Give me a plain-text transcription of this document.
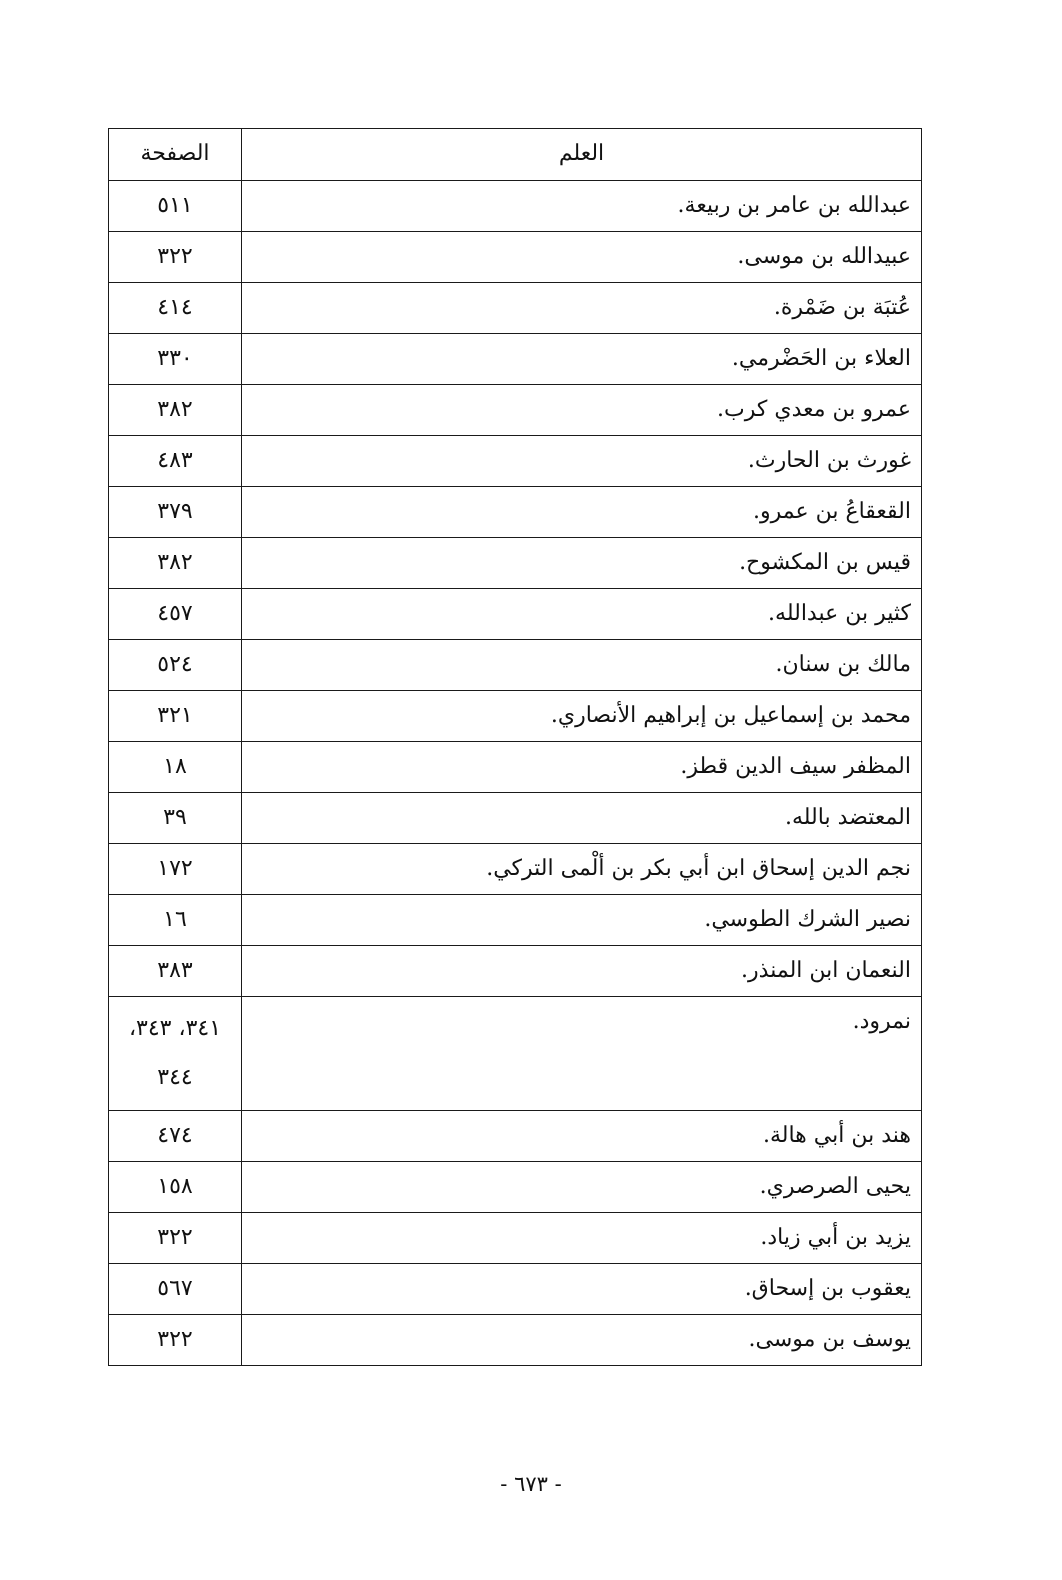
العلم	الصفحة
عبدالله بن عامر بن ربيعة.	٥١١
عبيدالله بن موسى.	٣٢٢
عُتبَة بن ضَمْرة.	٤١٤
العلاء بن الحَضْرمي.	٣٣٠
عمرو بن معدي كرب.	٣٨٢
غورث بن الحارث.	٤٨٣
القعقاعُ بن عمرو.	٣٧٩
قيس بن المكشوح.	٣٨٢
كثير بن عبدالله.	٤٥٧
مالك بن سنان.	٥٢٤
محمد بن إسماعيل بن إبراهيم الأنصاري.	٣٢١
المظفر سيف الدين قطز.	١٨
المعتضد بالله.	٣٩
نجم الدين إسحاق ابن أبي بكر بن ألْمى التركي.	١٧٢
نصير الشرك الطوسي.	١٦
النعمان ابن المنذر.	٣٨٣
نمرود.	٣٤١، ٣٤٣، ٣٤٤
هند بن أبي هالة.	٤٧٤
يحيى الصرصري.	١٥٨
يزيد بن أبي زياد.	٣٢٢
يعقوب بن إسحاق.	٥٦٧
يوسف بن موسى.	٣٢٢
- ٦٧٣ -
